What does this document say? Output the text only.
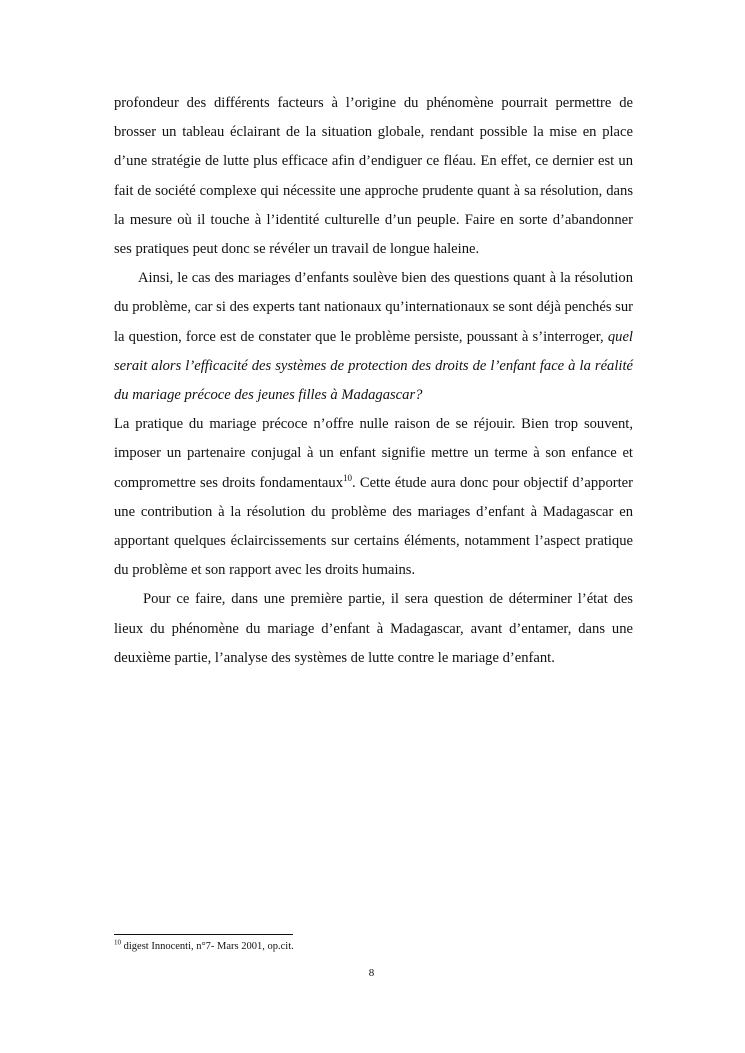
profondeur des différents facteurs à l’origine du phénomène pourrait permettre de brosser un tableau éclairant de la situation globale, rendant possible la mise en place d’une stratégie de lutte plus efficace afin d’endiguer ce fléau. En effet, ce dernier est un fait de société complexe qui nécessite une approche prudente quant à sa résolution, dans la mesure où il touche à l’identité culturelle d’un peuple. Faire en sorte d’abandonner ses pratiques peut donc se révéler un travail de longue haleine.

Ainsi, le cas des mariages d’enfants soulève bien des questions quant à la résolution du problème, car si des experts tant nationaux qu’internationaux se sont déjà penchés sur la question, force est de constater que le problème persiste, poussant à s’interroger, quel serait alors l’efficacité des systèmes de protection des droits de l’enfant face à la réalité du mariage précoce des jeunes filles à Madagascar?

La pratique du mariage précoce n’offre nulle raison de se réjouir. Bien trop souvent, imposer un partenaire conjugal à un enfant signifie mettre un terme à son enfance et compromettre ses droits fondamentaux$^{10}$. Cette étude aura donc pour objectif d’apporter une contribution à la résolution du problème des mariages d’enfant à Madagascar en apportant quelques éclaircissements sur certains éléments, notamment l’aspect pratique du problème et son rapport avec les droits humains.

Pour ce faire, dans une première partie, il sera question de déterminer l’état des lieux du phénomène du mariage d’enfant à Madagascar, avant d’entamer, dans une deuxième partie, l’analyse des systèmes de lutte contre le mariage d’enfant.

$^{10}$ digest Innocenti, n°7- Mars 2001, op.cit.

8
